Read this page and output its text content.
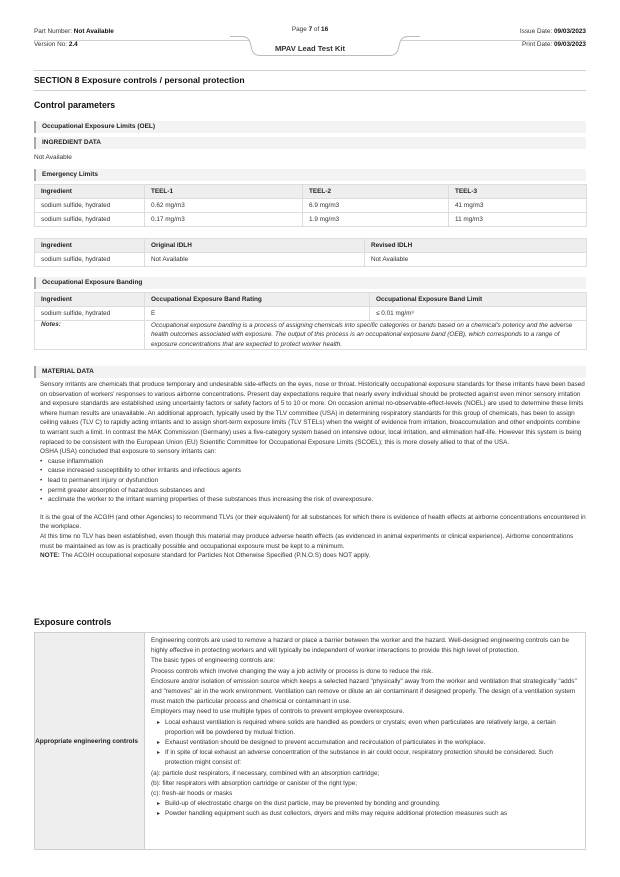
Part Number: Not Available
Version No: 2.4
Page 7 of 16	Issue Date: 09/03/2023
Print Date: 09/03/2023
MPAV Lead Test Kit
SECTION 8 Exposure controls / personal protection
Control parameters
Occupational Exposure Limits (OEL)
INGREDIENT DATA
Not Available
Emergency Limits
Ingredient	TEEL-1	TEEL-2	TEEL-3
sodium sulfide, hydrated	0.62 mg/m3	6.9 mg/m3	41 mg/m3
sodium sulfide, hydrated	0.17 mg/m3	1.9 mg/m3	11 mg/m3
Ingredient	Original IDLH	Revised IDLH
sodium sulfide, hydrated	Not Available	Not Available
Occupational Exposure Banding
Ingredient	Occupational Exposure Band Rating	Occupational Exposure Band Limit
sodium sulfide, hydrated	E	≤ 0.01 mg/m³
Notes:	Occupational exposure banding is a process of assigning chemicals into specific categories or bands based on a chemical's potency and the adverse health outcomes associated with exposure. The output of this process is an occupational exposure band (OEB), which corresponds to a range of exposure concentrations that are expected to protect worker health.	
MATERIAL DATA

Sensory irritants are chemicals that produce temporary and undesirable side-effects on the eyes, nose or throat. Historically occupational exposure standards for these irritants have been based on observation of workers' responses to various airborne concentrations. Present day expectations require that nearly every individual should be protected against even minor sensory irritation and exposure standards are established using uncertainty factors or safety factors of 5 to 10 or more. On occasion animal no-observable-effect-levels (NOEL) are used to determine these limits where human results are unavailable. An additional approach, typically used by the TLV committee (USA) in determining respiratory standards for this group of chemicals, has been to assign ceiling values (TLV C) to rapidly acting irritants and to assign short-term exposure limits (TLV STELs) when the weight of evidence from irritation, bioaccumulation and other endpoints combine to warrant such a limit. In contrast the MAK Commission (Germany) uses a five-category system based on intensive odour, local irritation, and elimination half-life. However this system is being replaced to be consistent with the European Union (EU) Scientific Committee for Occupational Exposure Limits (SCOEL); this is more closely allied to that of the USA.

OSHA (USA) concluded that exposure to sensory irritants can:

• cause inflammation
• cause increased susceptibility to other irritants and infectious agents
• lead to permanent injury or dysfunction
• permit greater absorption of hazardous substances and
• acclimate the worker to the irritant warning properties of these substances thus increasing the risk of overexposure.

It is the goal of the ACGIH (and other Agencies) to recommend TLVs (or their equivalent) for all substances for which there is evidence of health effects at airborne concentrations encountered in the workplace.

At this time no TLV has been established, even though this material may produce adverse health effects (as evidenced in animal experiments or clinical experience). Airborne concentrations must be maintained as low as is practically possible and occupational exposure must be kept to a minimum.

NOTE: The ACGIH occupational exposure standard for Particles Not Otherwise Specified (P.N.O.S) does NOT apply.

Exposure controls
Appropriate engineering controls

Engineering controls are used to remove a hazard or place a barrier between the worker and the hazard. Well-designed engineering controls can be highly effective in protecting workers and will typically be independent of worker interactions to provide this high level of protection.

The basic types of engineering controls are:

Process controls which involve changing the way a job activity or process is done to reduce the risk.

Enclosure and/or isolation of emission source which keeps a selected hazard "physically" away from the worker and ventilation that strategically "adds" and "removes" air in the work environment. Ventilation can remove or dilute an air contaminant if designed properly. The design of a ventilation system must match the particular process and chemical or contaminant in use.

Employers may need to use multiple types of controls to prevent employee overexposure.

▸ Local exhaust ventilation is required where solids are handled as powders or crystals; even when particulates are relatively large, a certain proportion will be powdered by mutual friction.
▸ Exhaust ventilation should be designed to prevent accumulation and recirculation of particulates in the workplace.
▸ If in spite of local exhaust an adverse concentration of the substance in air could occur, respiratory protection should be considered. Such protection might consist of:

(a): particle dust respirators, if necessary, combined with an absorption cartridge;

(b): filter respirators with absorption cartridge or canister of the right type;

(c): fresh-air hoods or masks

▸ Build-up of electrostatic charge on the dust particle, may be prevented by bonding and grounding.
▸ Powder handling equipment such as dust collectors, dryers and mills may require additional protection measures such as
